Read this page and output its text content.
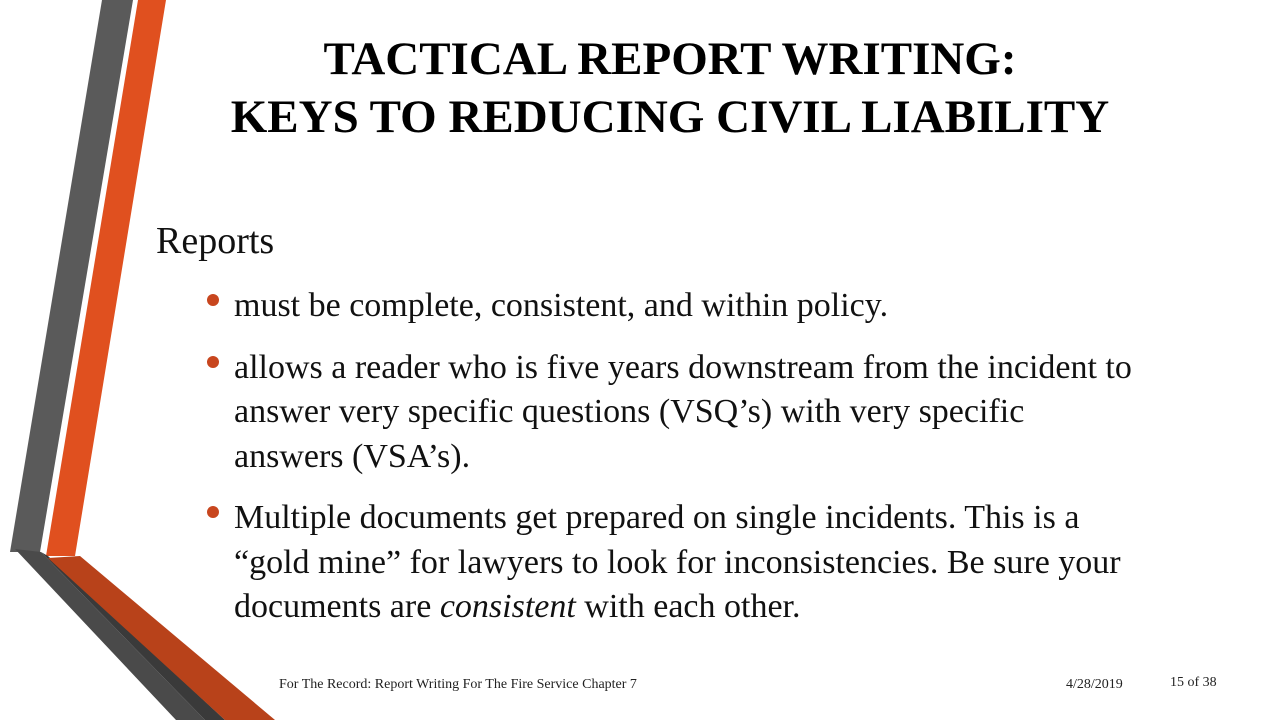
TACTICAL REPORT WRITING:
KEYS TO REDUCING CIVIL LIABILITY
Reports
must be complete, consistent, and within policy.
allows a reader who is five years downstream from the incident to answer very specific questions (VSQ’s) with very specific answers (VSA’s).
Multiple documents get prepared on single incidents. This is a “gold mine” for lawyers to look for inconsistencies. Be sure your documents are consistent with each other.
For The Record: Report Writing For The Fire Service Chapter 7	4/28/2019	15 of 38
